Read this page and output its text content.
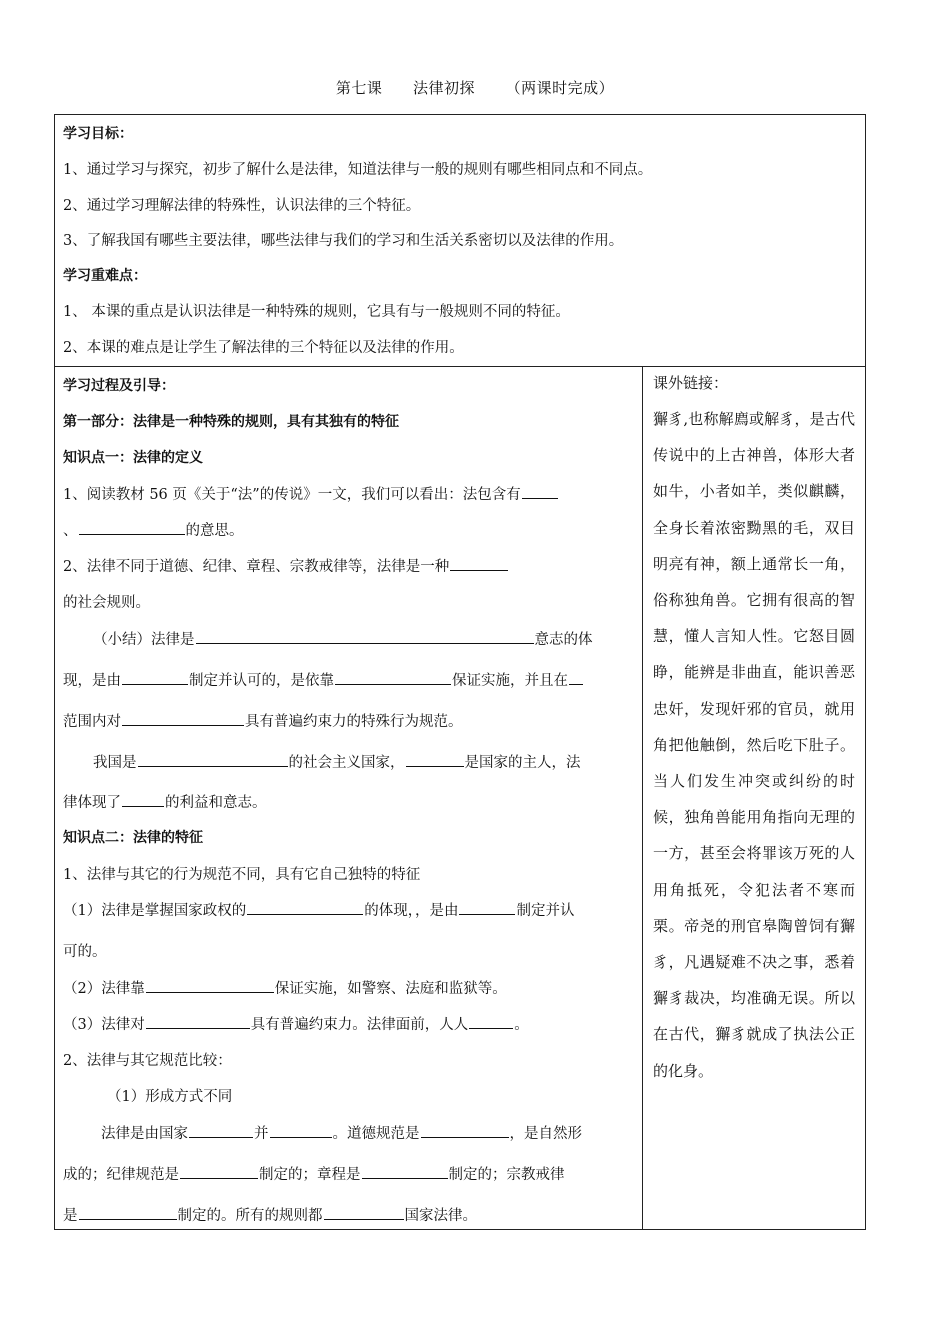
第七课 法律初探 （两课时完成）
学习目标：
1、通过学习与探究，初步了解什么是法律，知道法律与一般的规则有哪些相同点和不同点。
2、通过学习理解法律的特殊性，认识法律的三个特征。
3、了解我国有哪些主要法律，哪些法律与我们的学习和生活关系密切以及法律的作用。
学习重难点：
1、 本课的重点是认识法律是一种特殊的规则，它具有与一般规则不同的特征。
2、本课的难点是让学生了解法律的三个特征以及法律的作用。
学习过程及引导：
第一部分：法律是一种特殊的规则，具有其独有的特征
知识点一：法律的定义
1、阅读教材 56 页《关于“法”的传说》一文，我们可以看出：法包含有
、	的意思。
2、法律不同于道德、纪律、章程、宗教戒律等，法律是一种
的社会规则。
（小结）法律是	意志的体
现，是由	制定并认可的，是依靠	保证实施，并且在
范围内对	具有普遍约束力的特殊行为规范。
我国是	的社会主义国家，	是国家的主人，法
律体现了	的利益和意志。
知识点二：法律的特征
1、法律与其它的行为规范不同，具有它自己独特的特征
（1）法律是掌握国家政权的	的体现，，是由	制定并认
可的。
（2）法律靠	保证实施，如警察、法庭和监狱等。
（3）法律对	具有普遍约束力。法律面前，人人	。
2、法律与其它规范比较：
（1）形成方式不同
法律是由国家	并	。道德规范是	，是自然形
成的；纪律规范是	制定的；章程是	制定的；宗教戒律
是	制定的。所有的规则都	国家法律。
课外链接：
獬豸,也称解廌或解豸，是古代传说中的上古神兽，体形大者如牛，小者如羊，类似麒麟，全身长着浓密黝黑的毛，双目明亮有神，额上通常长一角，俗称独角兽。它拥有很高的智慧，懂人言知人性。它怒目圆睁，能辨是非曲直，能识善恶忠奸，发现奸邪的官员，就用角把他触倒，然后吃下肚子。当人们发生冲突或纠纷的时候，独角兽能用角指向无理的一方，甚至会将罪该万死的人用角抵死，令犯法者不寒而栗。帝尧的刑官皋陶曾饲有獬豸，凡遇疑难不决之事，悉着獬豸裁决，均准确无误。所以在古代，獬豸就成了执法公正的化身。
